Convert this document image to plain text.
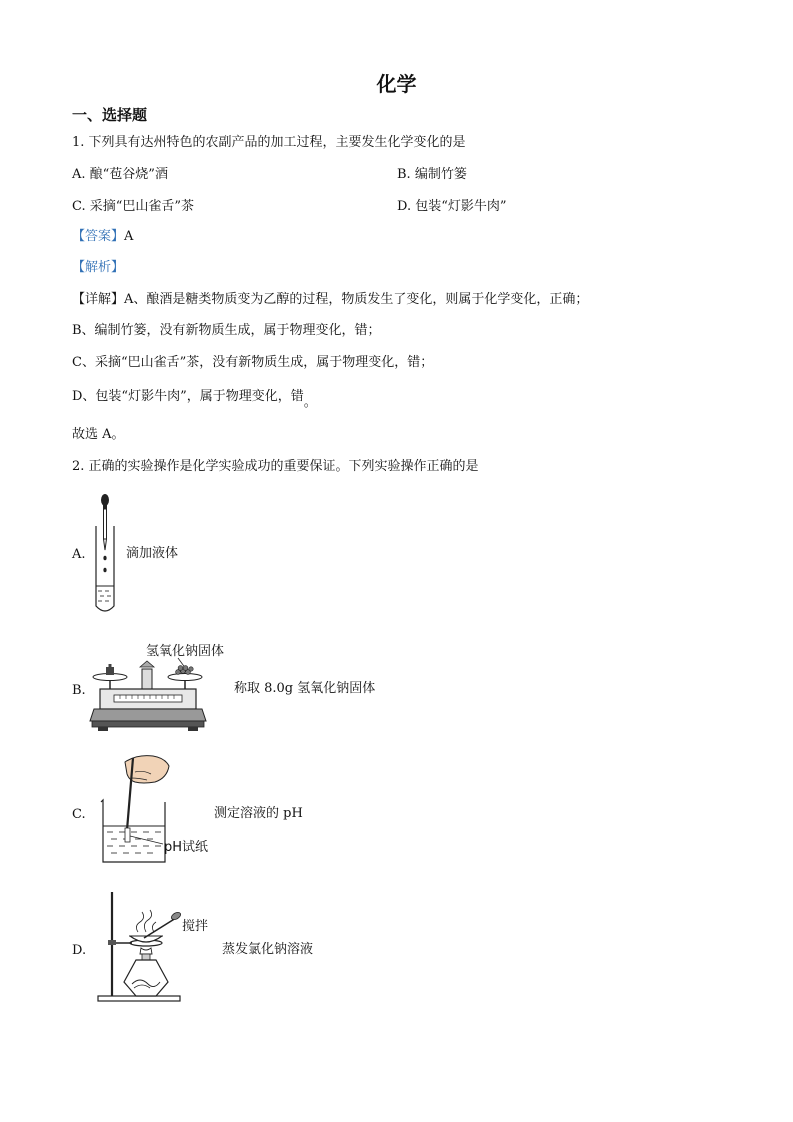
化学
一、选择题
1. 下列具有达州特色的农副产品的加工过程，主要发生化学变化的是
A. 酿“苞谷烧”酒	B. 编制竹篓
C. 采摘“巴山雀舌”茶	D. 包装“灯影牛肉”
【答案】A
【解析】
【详解】A、酿酒是糖类物质变为乙醇的过程，物质发生了变化，则属于化学变化，正确；
B、编制竹篓，没有新物质生成，属于物理变化，错；
C、采摘“巴山雀舌”茶，没有新物质生成，属于物理变化，错；
D、包装“灯影牛肉”，属于物理变化，错。
故选 A。
2. 正确的实验操作是化学实验成功的重要保证。下列实验操作正确的是
A.	滴加液体
B.
氢氧化钠固体
称取 8.0g 氢氧化钠固体
C.
pH试纸
测定溶液的 pH
D.
搅拌
蒸发氯化钠溶液
